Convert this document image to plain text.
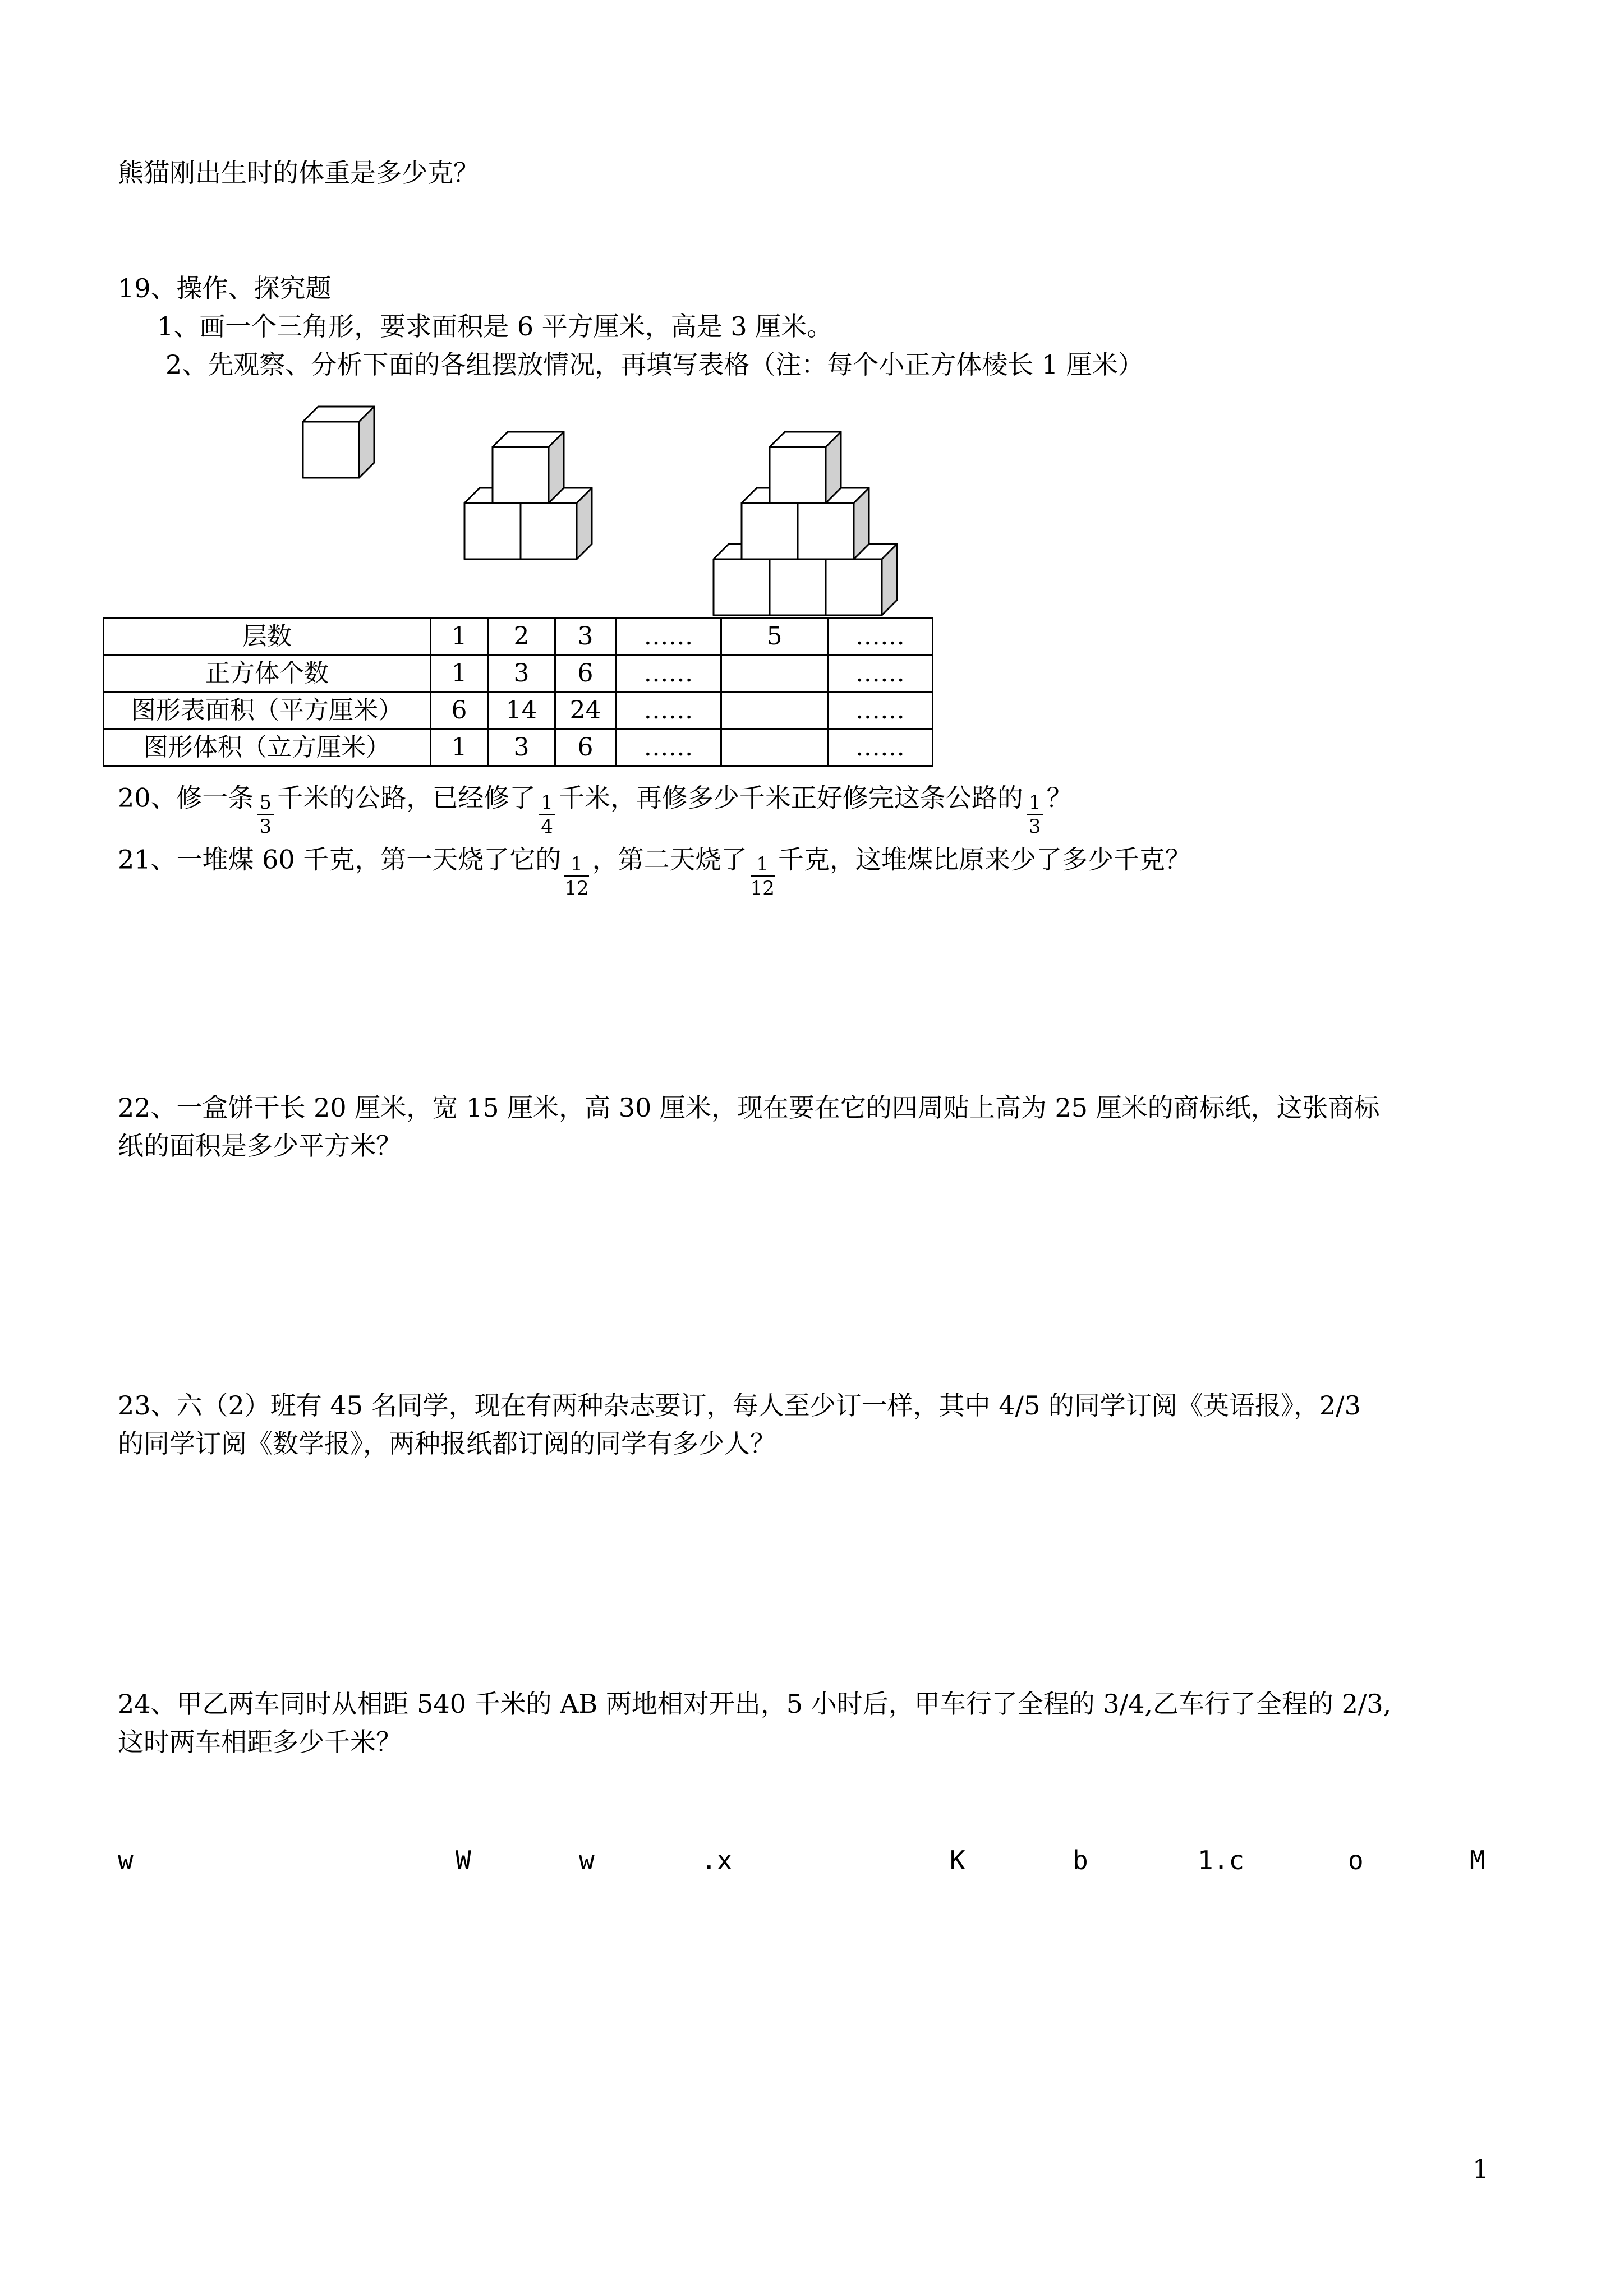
熊猫刚出生时的体重是多少克？
19、操作、探究题
1、画一个三角形，要求面积是 6 平方厘米，高是 3 厘米。
2、先观察、分析下面的各组摆放情况，再填写表格（注：每个小正方体棱长 1 厘米）
层数	1	2	3	……	5	……
正方体个数	1	3	6	……		……
图形表面积（平方厘米）	6	14	24	……		……
图形体积（立方厘米）	1	3	6	……		……
20、修一条 $\frac{5}{3}$ 千米的公路，已经修了 $\frac{1}{4}$ 千米，再修多少千米正好修完这条公路的 $\frac{1}{3}$ ？
21、一堆煤 60 千克，第一天烧了它的 $\frac{1}{12}$ ，第二天烧了 $\frac{1}{12}$ 千克，这堆煤比原来少了多少千克？
22、一盒饼干长 20 厘米，宽 15 厘米，高 30 厘米，现在要在它的四周贴上高为 25 厘米的商标纸，这张商标
纸的面积是多少平方米？
23、六（2）班有 45 名同学，现在有两种杂志要订，每人至少订一样，其中 4/5 的同学订阅《英语报》，2/3
的同学订阅《数学报》，两种报纸都订阅的同学有多少人？
24、甲乙两车同时从相距 540 千米的 AB 两地相对开出，5 小时后，甲车行了全程的 3/4,乙车行了全程的 2/3,
这时两车相距多少千米？
w	W	w	.x	K	b	1.c	o	M
1
